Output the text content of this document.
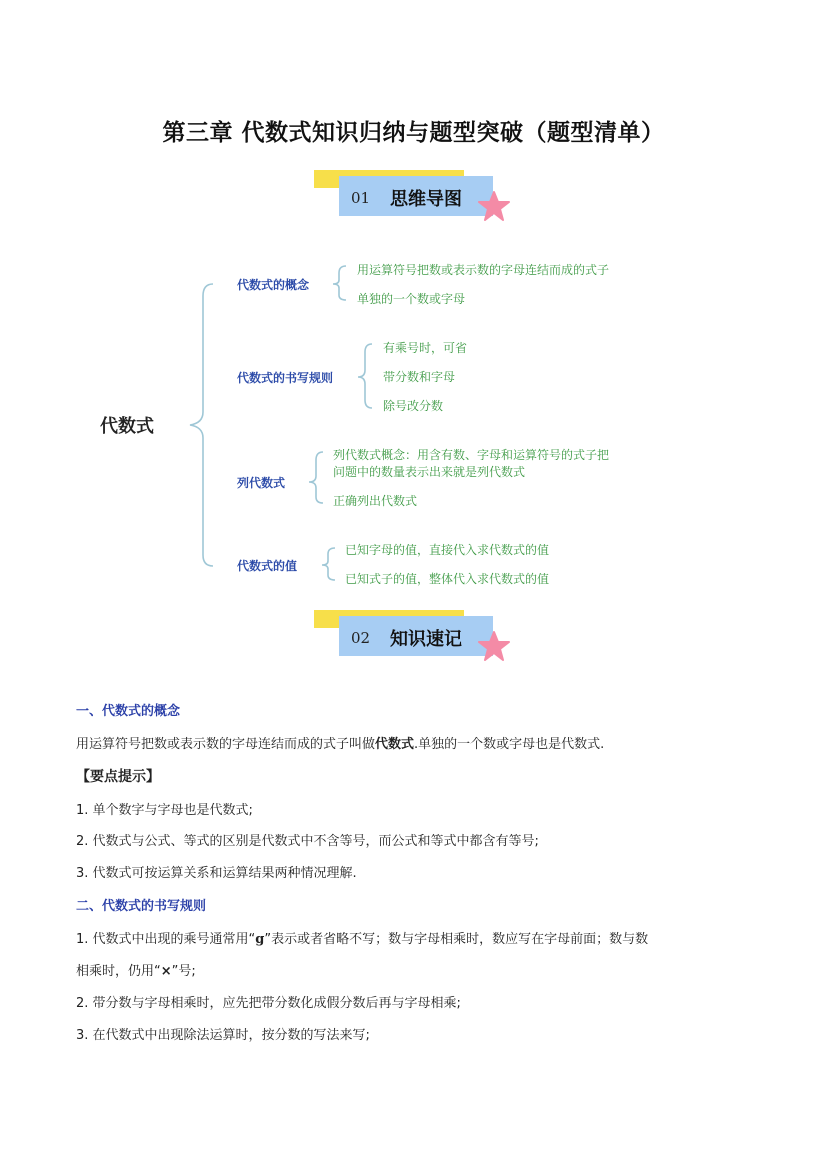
第三章 代数式知识归纳与题型突破（题型清单）
01 思维导图
代数式
代数式的概念
用运算符号把数或表示数的字母连结而成的式子
单独的一个数或字母
代数式的书写规则
有乘号时，可省
带分数和字母
除号改分数
列代数式
列代数式概念：用含有数、字母和运算符号的式子把
问题中的数量表示出来就是列代数式
正确列出代数式
代数式的值
已知字母的值，直接代入求代数式的值
已知式子的值，整体代入求代数式的值
02 知识速记
一、代数式的概念
用运算符号把数或表示数的字母连结而成的式子叫做代数式.单独的一个数或字母也是代数式.
【要点提示】
1. 单个数字与字母也是代数式;
2. 代数式与公式、等式的区别是代数式中不含等号，而公式和等式中都含有等号;
3. 代数式可按运算关系和运算结果两种情况理解.
二、代数式的书写规则
1. 代数式中出现的乘号通常用“g”表示或者省略不写；数与字母相乘时，数应写在字母前面；数与数
相乘时，仍用“×”号;
2. 带分数与字母相乘时，应先把带分数化成假分数后再与字母相乘;
3. 在代数式中出现除法运算时，按分数的写法来写;
